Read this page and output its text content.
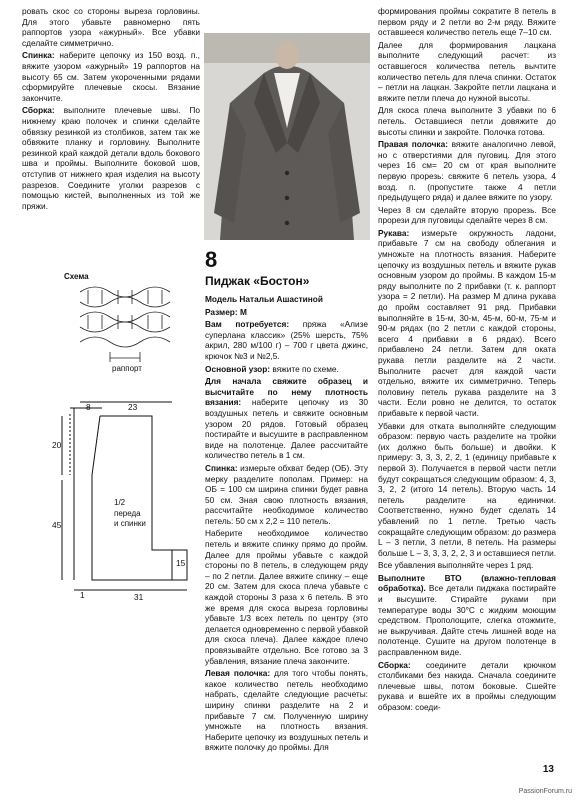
ровать скос со стороны выреза горловины. Для этого убавьте равномерно пять раппортов узора «ажурный». Все убавки сделайте симметрично.

Спинка: наберите цепочку из 150 возд. п., вяжите узором «ажурный» 19 раппортов на высоту 65 см. Затем укороченными рядами сформируйте плечевые скосы. Вязание закончите.

Сборка: выполните плечевые швы. По нижнему краю полочек и спинки сделайте обвязку резинкой из столбиков, затем так же обвяжите планку и горловину. Выполните резинкой край каждой детали вдоль бокового шва и проймы. Выполните боковой шов, отступив от нижнего края изделия на высоту разрезов. Соедините уголки разрезов с помощью кистей, выполненных из той же пряжи.

Схема
раппорт
8	23
20
45
15
1	31
1/2
переда
и спинки
8
Пиджак «Бостон»

Модель Натальи Ашастиной

Размер: М

Вам потребуется: пряжа «Ализе суперлана классик» (25% шерсть, 75% акрил, 280 м/100 г) – 700 г цвета джинс, крючок №3 и №2,5.

Основной узор: вяжите по схеме.

Для начала свяжите образец и высчитайте по нему плотность вязания: наберите цепочку из 30 воздушных петель и свяжите основным узором 20 рядов. Готовый образец постирайте и высушите в расправленном виде на полотенце. Далее рассчитайте количество петель в 1 см.

Спинка: измерьте обхват бедер (ОБ). Эту мерку разделите пополам. Пример: на ОБ = 100 см ширина спинки будет равна 50 см. Зная свою плотность вязания, рассчитайте необходимое количество петель: 50 см х 2,2 = 110 петель.

Наберите необходимое количество петель и вяжите спинку прямо до пройм. Далее для проймы убавьте с каждой стороны по 8 петель, в следующем ряду – по 2 петли. Далее вяжите спинку – еще 20 см. Затем для скоса плеча убавьте с каждой стороны 3 раза х 6 петель. В это же время для скоса выреза горловины убавьте 1/3 всех петель по центру (это делается одновременно с первой убавкой для скоса плеча). Далее каждое плечо провязывайте отдельно. Все готово за 3 убавления, вязание плеча закончите.

Левая полочка: для того чтобы понять, какое количество петель необходимо набрать, сделайте следующие расчеты: ширину спинки разделите на 2 и прибавьте 7 см. Полученную ширину умножьте на плотность вязания. Наберите цепочку из воздушных петель и вяжите полочку до проймы. Для

формирования проймы сократите 8 петель в первом ряду и 2 петли во 2-м ряду. Вяжите оставшееся количество петель еще 7–10 см.

Далее для формирования лацкана выполните следующий расчет: из оставшегося количества петель вычтите количество петель для плеча спинки. Остаток – петли на лацкан. Закройте петли лацкана и вяжите петли плеча до нужной высоты.

Для скоса плеча выполните 3 убавки по 6 петель. Оставшиеся петли довяжите до высоты спинки и закройте. Полочка готова.

Правая полочка: вяжите аналогично левой, но с отверстиями для пуговиц. Для этого через 16 см= 20 см от края выполните первую прорезь: свяжите 6 петель узора, 4 возд. п. (пропустите также 4 петли предыдущего ряда) и далее вяжите по узору.

Через 8 см сделайте вторую прорезь. Все прорези для пуговицы сделайте через 8 см.

Рукава: измерьте окружность ладони, прибавьте 7 см на свободу облегания и умножьте на плотность вязания. Наберите цепочку из воздушных петель и вяжите рукав основным узором до проймы. В каждом 15-м ряду выполните по 2 прибавки (т. к. раппорт узора = 2 петли). На размер М длина рукава до пройм составляет 91 ряд. Прибавки выполняйте в 15-м, 30-м, 45-м, 60-м, 75-м и 90-м рядах (по 2 петли с каждой стороны, всего 4 прибавки в 6 рядах). Всего прибавлено 24 петли. Затем для окатa рукава петли разделите на 2 части. Выполните расчет для каждой части отдельно, вяжите их симметрично. Теперь половину петель рукава разделите на 3 части. Если ровно не делится, то остаток прибавьте к первой части.

Убавки для откатa выполняйте следующим образом: первую часть разделите на тройки (их должно быть больше) и двойки. К примеру: 3, 3, 3, 2, 2, 1 (единицу прибавьте к первой 3). Получается в первой части петли будут сокращаться следующим образом: 4, 3, 3, 2, 2 (итого 14 петель). Вторую часть 14 петель разделите на единички. Соответственно, нужно будет сделать 14 убавлений по 1 петле. Третью часть сокращайте следующим образом: до размера L – 3 петли, 3 петли, 8 петель. На размеры больше L – 3, 3, 3, 2, 2, 3 и оставшиеся петли.

Все убавления выполняйте через 1 ряд.

Выполните ВТО (влажно-тепловая обработка). Все детали пиджака постирайте и высушите. Стирайте руками при температуре воды 30°С с жидким моющим средством. Прополощите, слегка отожмите, не выкручивая. Дайте стечь лишней воде на полотенце. Сушите на другом полотенце в расправленном виде.

Сборка: соедините детали крючком столбиками без накида. Сначала соедините плечевые швы, потом боковые. Сшейте рукава и вшейте их в проймы следующим образом: соеди-

13
PassionForum.ru
